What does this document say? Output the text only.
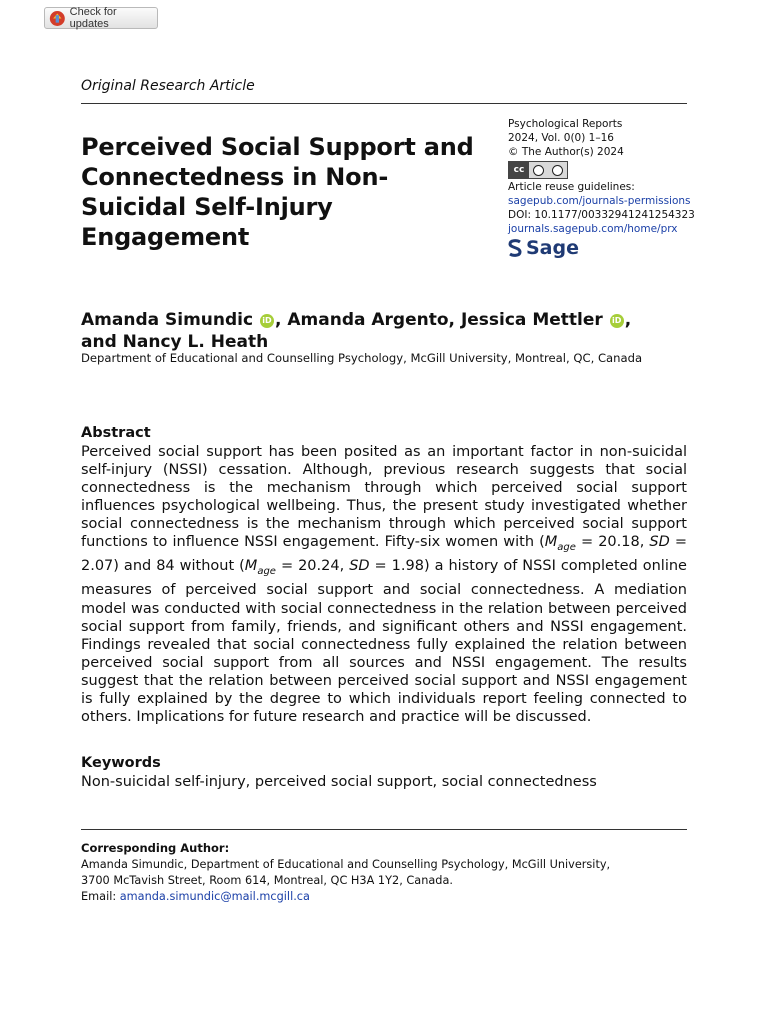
Check for updates
Original Research Article
Perceived Social Support and Connectedness in Non-Suicidal Self-Injury Engagement
Psychological Reports
2024, Vol. 0(0) 1–16
© The Author(s) 2024
cc
Article reuse guidelines:
sagepub.com/journals-permissions
DOI: 10.1177/00332941241254323
journals.sagepub.com/home/prx
Sage

Amanda Simundic iD , Amanda Argento, Jessica Mettler iD ,
and Nancy L. Heath

Department of Educational and Counselling Psychology, McGill University, Montreal, QC, Canada
Abstract

Perceived social support has been posited as an important factor in non-suicidal self-injury (NSSI) cessation. Although, previous research suggests that social connectedness is the mechanism through which perceived social support influences psychological wellbeing. Thus, the present study investigated whether social connectedness is the mechanism through which perceived social support functions to influence NSSI engagement. Fifty-six women with ($M_{age} = 20.18$, SD = 2.07) and 84 without ($M_{age} = 20.24$, SD = 1.98) a history of NSSI completed online measures of perceived social support and social connectedness. A mediation model was conducted with social connectedness in the relation between perceived social support from family, friends, and significant others and NSSI engagement. Findings revealed that social connectedness fully explained the relation between perceived social support from all sources and NSSI engagement. The results suggest that the relation between perceived social support and NSSI engagement is fully explained by the degree to which individuals report feeling connected to others. Implications for future research and practice will be discussed.

Keywords
Non-suicidal self-injury, perceived social support, social connectedness
Corresponding Author:
Amanda Simundic, Department of Educational and Counselling Psychology, McGill University,
3700 McTavish Street, Room 614, Montreal, QC H3A 1Y2, Canada.
Email: amanda.simundic@mail.mcgill.ca
